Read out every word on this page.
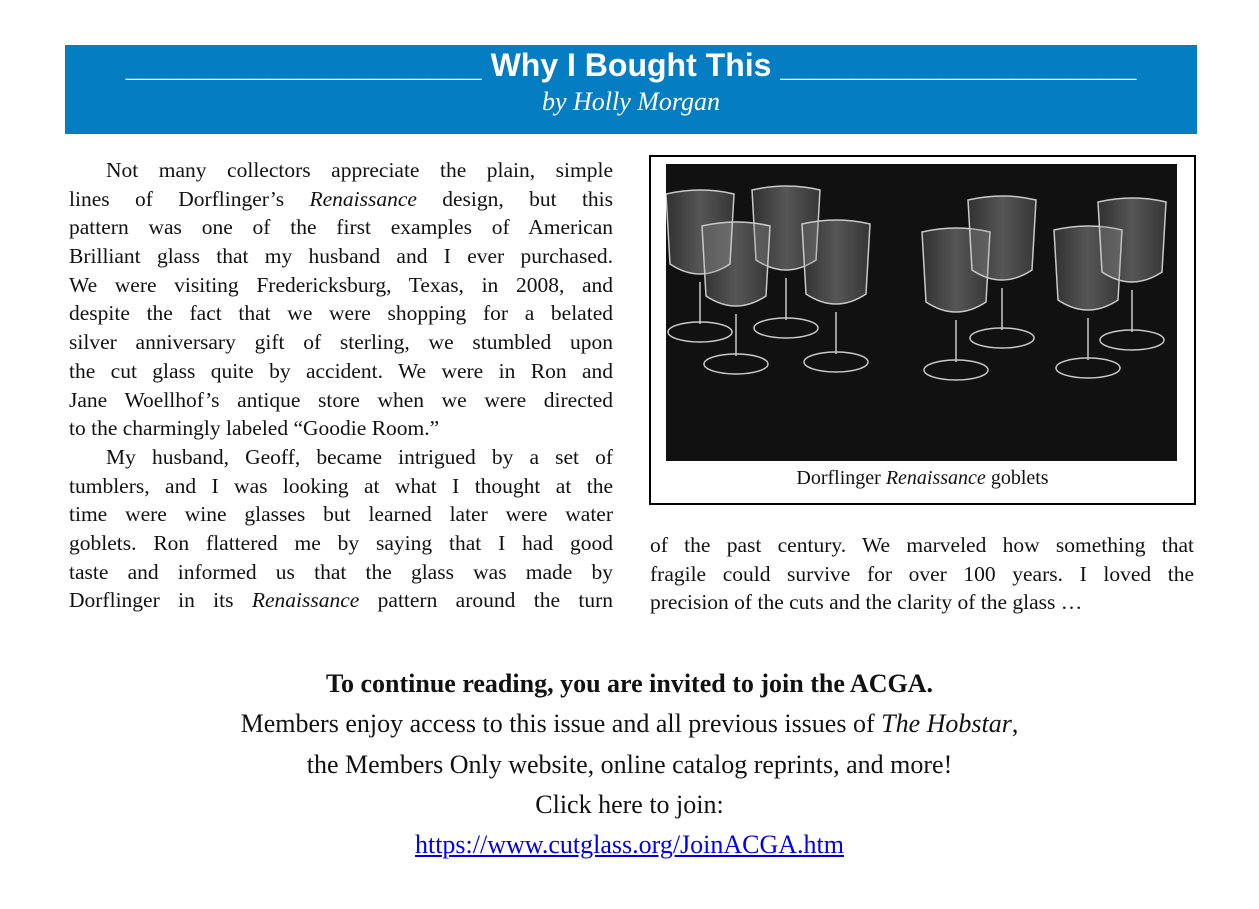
____________________ Why I Bought This ____________________
by Holly Morgan
Not many collectors appreciate the plain, simple
lines of Dorflinger’s Renaissance design, but this
pattern was one of the first examples of American
Brilliant glass that my husband and I ever purchased.
We were visiting Fredericksburg, Texas, in 2008, and
despite the fact that we were shopping for a belated
silver anniversary gift of sterling, we stumbled upon
the cut glass quite by accident. We were in Ron and
Jane Woellhof’s antique store when we were directed
to the charmingly labeled “Goodie Room.”
My husband, Geoff, became intrigued by a set of
tumblers, and I was looking at what I thought at the
time were wine glasses but learned later were water
goblets. Ron flattered me by saying that I had good
taste and informed us that the glass was made by
Dorflinger in its Renaissance pattern around the turn
Dorflinger Renaissance goblets
of the past century. We marveled how something that
fragile could survive for over 100 years. I loved the
precision of the cuts and the clarity of the glass …
To continue reading, you are invited to join the ACGA.
Members enjoy access to this issue and all previous issues of The Hobstar,
the Members Only website, online catalog reprints, and more!
Click here to join:
https://www.cutglass.org/JoinACGA.htm
